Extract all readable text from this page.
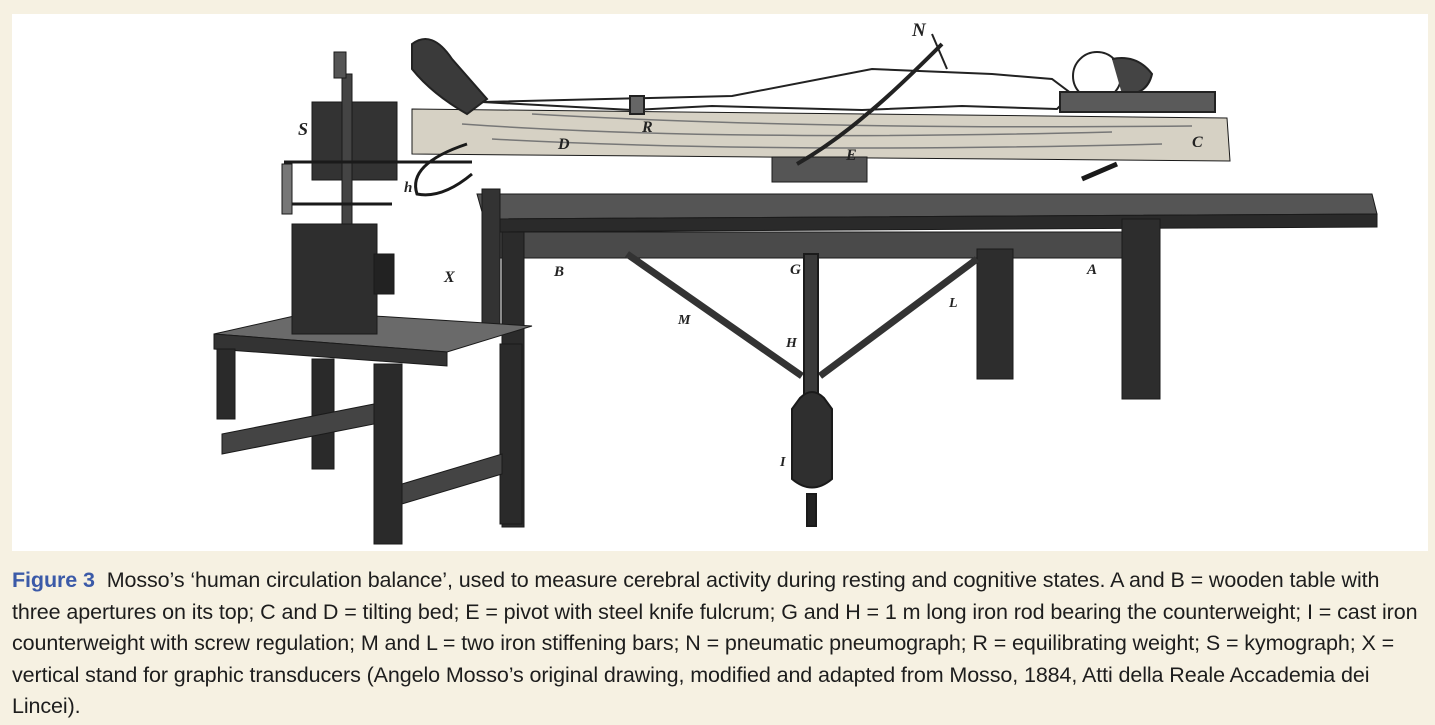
N
S	R
D
E
C
h
X	B	G	A
M
L
H
I
Figure 3 Mosso’s ‘human circulation balance’, used to measure cerebral activity during resting and cognitive states. A and B = wooden table with three apertures on its top; C and D = tilting bed; E = pivot with steel knife fulcrum; G and H = 1 m long iron rod bearing the counterweight; I = cast iron counterweight with screw regulation; M and L = two iron stiffening bars; N = pneumatic pneumograph; R = equilibrating weight; S = kymograph; X = vertical stand for graphic transducers (Angelo Mosso’s original drawing, modified and adapted from Mosso, 1884, Atti della Reale Accademia dei Lincei).
